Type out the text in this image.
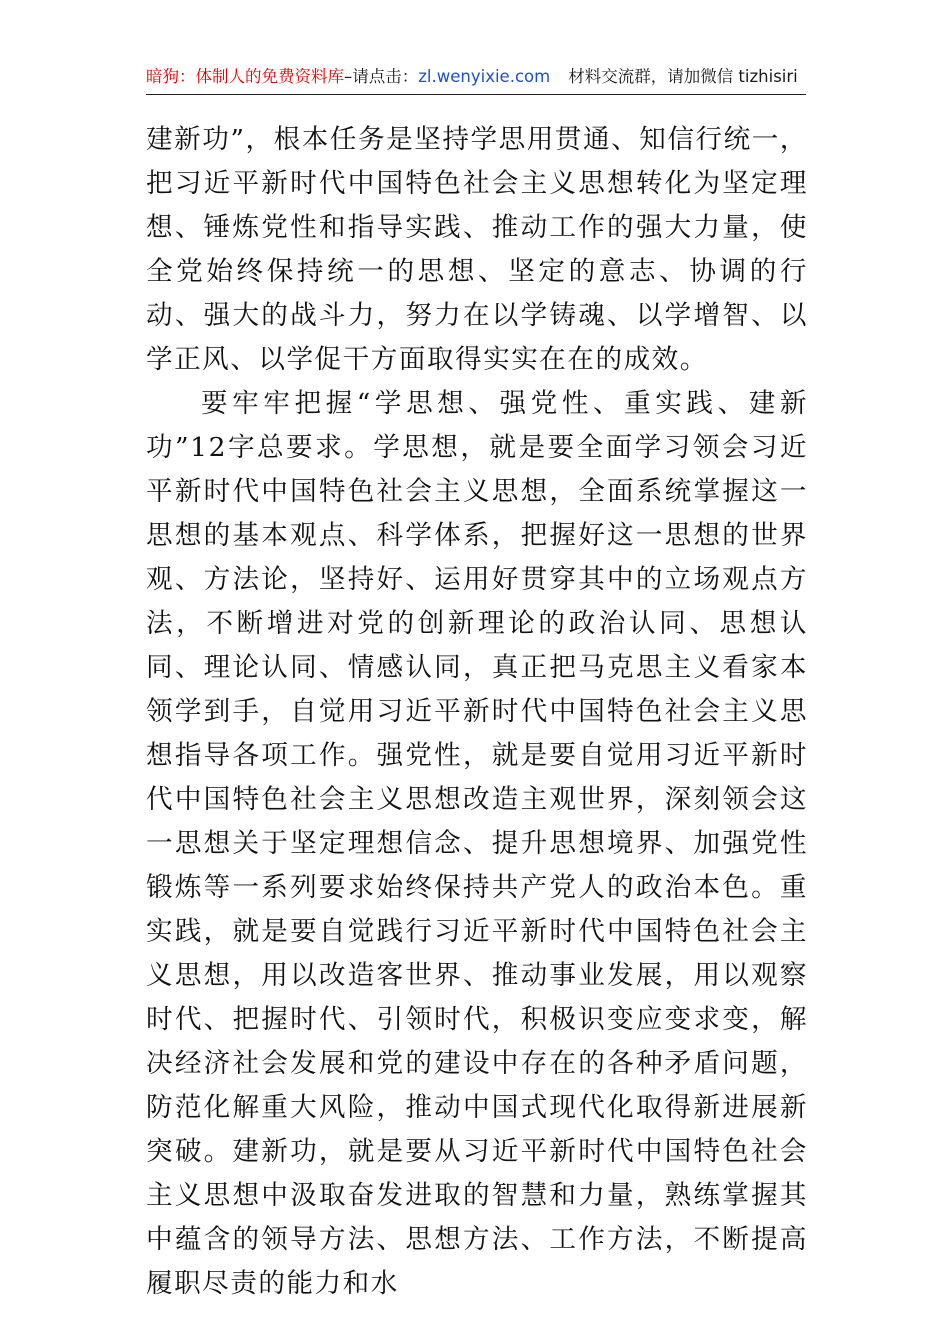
暗狗：体制人的免费资料库–请点击：zl.wenyixie.com 材料交流群，请加微信 tizhisiri

建新功”，根本任务是坚持学思用贯通、知信行统一，把习近平新时代中国特色社会主义思想转化为坚定理想、锤炼党性和指导实践、推动工作的强大力量，使全党始终保持统一的思想、坚定的意志、协调的行动、强大的战斗力，努力在以学铸魂、以学增智、以学正风、以学促干方面取得实实在在的成效。

要牢牢把握“学思想、强党性、重实践、建新功”12字总要求。学思想，就是要全面学习领会习近平新时代中国特色社会主义思想，全面系统掌握这一思想的基本观点、科学体系，把握好这一思想的世界观、方法论，坚持好、运用好贯穿其中的立场观点方法，不断增进对党的创新理论的政治认同、思想认同、理论认同、情感认同，真正把马克思主义看家本领学到手，自觉用习近平新时代中国特色社会主义思想指导各项工作。强党性，就是要自觉用习近平新时代中国特色社会主义思想改造主观世界，深刻领会这一思想关于坚定理想信念、提升思想境界、加强党性锻炼等一系列要求始终保持共产党人的政治本色。重实践，就是要自觉践行习近平新时代中国特色社会主义思想，用以改造客世界、推动事业发展，用以观察时代、把握时代、引领时代，积极识变应变求变，解决经济社会发展和党的建设中存在的各种矛盾问题，防范化解重大风险，推动中国式现代化取得新进展新突破。建新功，就是要从习近平新时代中国特色社会主义思想中汲取奋发进取的智慧和力量，熟练掌握其中蕴含的领导方法、思想方法、工作方法，不断提高履职尽责的能力和水
